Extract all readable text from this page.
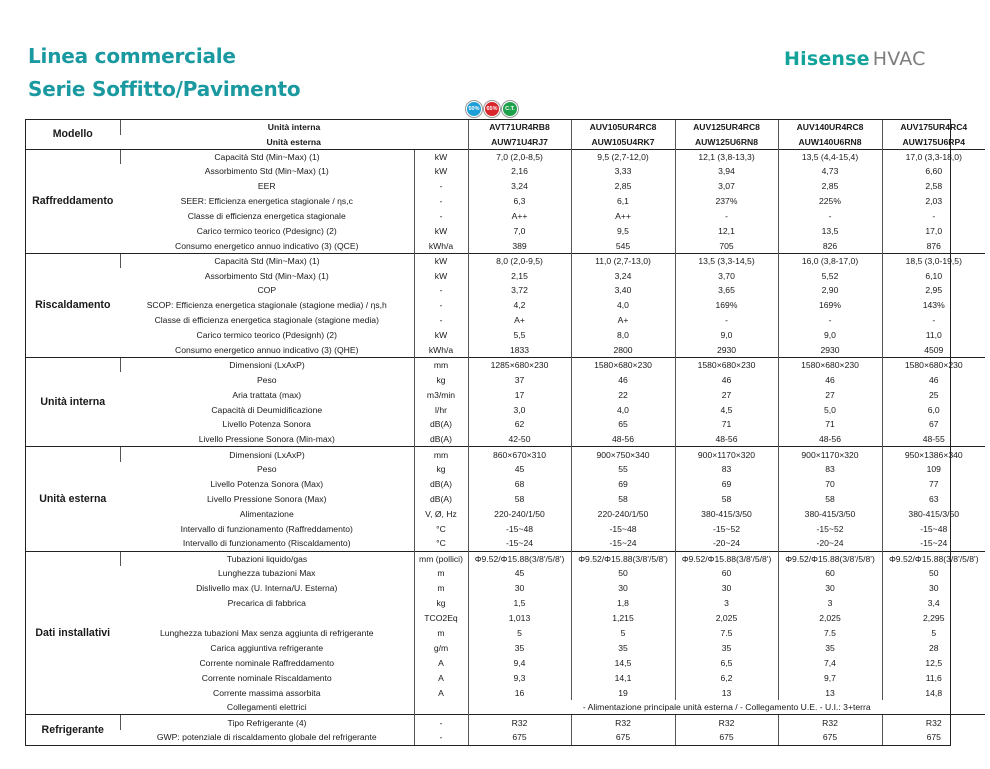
Linea commerciale
Serie Soffitto/Pavimento
Hisense HVAC
50%	65%	C.T.
Modello	Unità interna		AVT71UR4RB8	AUV105UR4RC8	AUV125UR4RC8	AUV140UR4RC8	AUV175UR4RC4
	Unità esterna		AUW71U4RJ7	AUW105U4RK7	AUW125U6RN8	AUW140U6RN8	AUW175U6RP4
Raffreddamento	Capacità Std (Min~Max) (1)	kW	7,0 (2,0-8,5)	9,5 (2,7-12,0)	12,1 (3,8-13,3)	13,5 (4,4-15,4)	17,0 (3,3-18,0)
	Assorbimento Std (Min~Max) (1)	kW	2,16	3,33	3,94	4,73	6,60
	EER	-	3,24	2,85	3,07	2,85	2,58
	SEER: Efficienza energetica stagionale / ηs,c	-	6,3	6,1	237%	225%	2,03
	Classe di efficienza energetica stagionale	-	A++	A++	-	-	-
	Carico termico teorico (Pdesignc) (2)	kW	7,0	9,5	12,1	13,5	17,0
	Consumo energetico annuo indicativo (3) (QCE)	kWh/a	389	545	705	826	876
Riscaldamento	Capacità Std (Min~Max) (1)	kW	8,0 (2,0-9,5)	11,0 (2,7-13,0)	13,5 (3,3-14,5)	16,0 (3,8-17,0)	18,5 (3,0-19,5)
	Assorbimento Std (Min~Max) (1)	kW	2,15	3,24	3,70	5,52	6,10
	COP	-	3,72	3,40	3,65	2,90	2,95
	SCOP: Efficienza energetica stagionale (stagione media) / ηs,h	-	4,2	4,0	169%	169%	143%
	Classe di efficienza energetica stagionale (stagione media)	-	A+	A+	-	-	-
	Carico termico teorico (Pdesignh) (2)	kW	5,5	8,0	9,0	9,0	11,0
	Consumo energetico annuo indicativo (3) (QHE)	kWh/a	1833	2800	2930	2930	4509
Unità interna	Dimensioni (LxAxP)	mm	1285×680×230	1580×680×230	1580×680×230	1580×680×230	1580×680×230
	Peso	kg	37	46	46	46	46
	Aria trattata (max)	m3/min	17	22	27	27	25
	Capacità di Deumidificazione	l/hr	3,0	4,0	4,5	5,0	6,0
	Livello Potenza Sonora	dB(A)	62	65	71	71	67
	Livello Pressione Sonora (Min-max)	dB(A)	42-50	48-56	48-56	48-56	48-55
Unità esterna	Dimensioni (LxAxP)	mm	860×670×310	900×750×340	900×1170×320	900×1170×320	950×1386×340
	Peso	kg	45	55	83	83	109
	Livello Potenza Sonora (Max)	dB(A)	68	69	69	70	77
	Livello Pressione Sonora (Max)	dB(A)	58	58	58	58	63
	Alimentazione	V, Ø, Hz	220-240/1/50	220-240/1/50	380-415/3/50	380-415/3/50	380-415/3/50
	Intervallo di funzionamento (Raffreddamento)	°C	-15~48	-15~48	-15~52	-15~52	-15~48
	Intervallo di funzionamento (Riscaldamento)	°C	-15~24	-15~24	-20~24	-20~24	-15~24
Dati installativi	Tubazioni liquido/gas	mm (pollici)	Φ9.52/Φ15.88(3/8'/5/8')	Φ9.52/Φ15.88(3/8'/5/8')	Φ9.52/Φ15.88(3/8'/5/8')	Φ9.52/Φ15.88(3/8'/5/8')	Φ9.52/Φ15.88(3/8'/5/8')
	Lunghezza tubazioni Max	m	45	50	60	60	50
	Dislivello max (U. Interna/U. Esterna)	m	30	30	30	30	30
	Precarica di fabbrica	kg	1,5	1,8	3	3	3,4
		TCO2Eq	1,013	1,215	2,025	2,025	2,295
	Lunghezza tubazioni Max senza aggiunta di refrigerante	m	5	5	7.5	7.5	5
	Carica aggiuntiva refrigerante	g/m	35	35	35	35	28
	Corrente nominale Raffreddamento	A	9,4	14,5	6,5	7,4	12,5
	Corrente nominale Riscaldamento	A	9,3	14,1	6,2	9,7	11,6
	Corrente massima assorbita	A	16	19	13	13	14,8
	Collegamenti elettrici		- Alimentazione principale unità esterna / - Collegamento U.E. - U.I.: 3+terra				
Refrigerante	Tipo Refrigerante (4)	-	R32	R32	R32	R32	R32
	GWP: potenziale di riscaldamento globale del refrigerante	-	675	675	675	675	675
